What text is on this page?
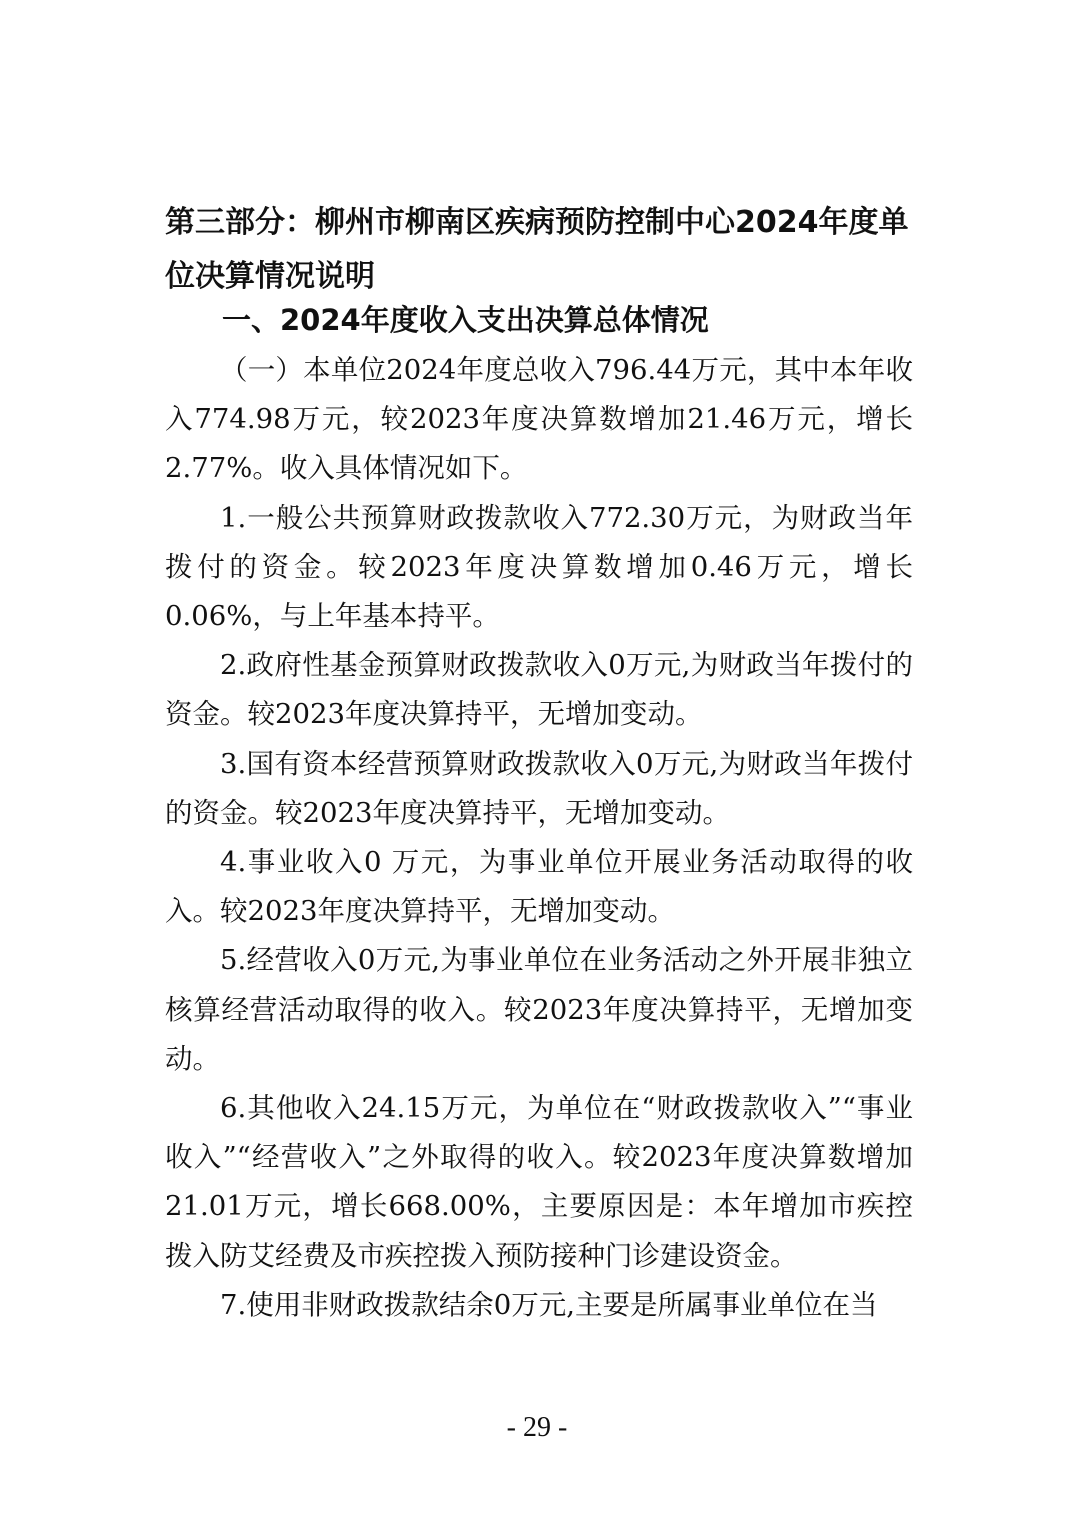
第三部分：柳州市柳南区疾病预防控制中心2024年度单位决算情况说明
一、2024年度收入支出决算总体情况

（一）本单位2024年度总收入796.44万元，其中本年收入774.98万元，较2023年度决算数增加21.46万元，增长2.77%。收入具体情况如下。

1.一般公共预算财政拨款收入772.30万元，为财政当年拨付的资金。较2023年度决算数增加0.46万元，增长0.06%，与上年基本持平。

2.政府性基金预算财政拨款收入0万元,为财政当年拨付的资金。较2023年度决算持平，无增加变动。

3.国有资本经营预算财政拨款收入0万元,为财政当年拨付的资金。较2023年度决算持平，无增加变动。

4.事业收入0 万元，为事业单位开展业务活动取得的收入。较2023年度决算持平，无增加变动。

5.经营收入0万元,为事业单位在业务活动之外开展非独立核算经营活动取得的收入。较2023年度决算持平，无增加变动。

6.其他收入24.15万元，为单位在“财政拨款收入”“事业收入”“经营收入”之外取得的收入。较2023年度决算数增加21.01万元，增长668.00%，主要原因是：本年增加市疾控拨入防艾经费及市疾控拨入预防接种门诊建设资金。

7.使用非财政拨款结余0万元,主要是所属事业单位在当

- 29 -
